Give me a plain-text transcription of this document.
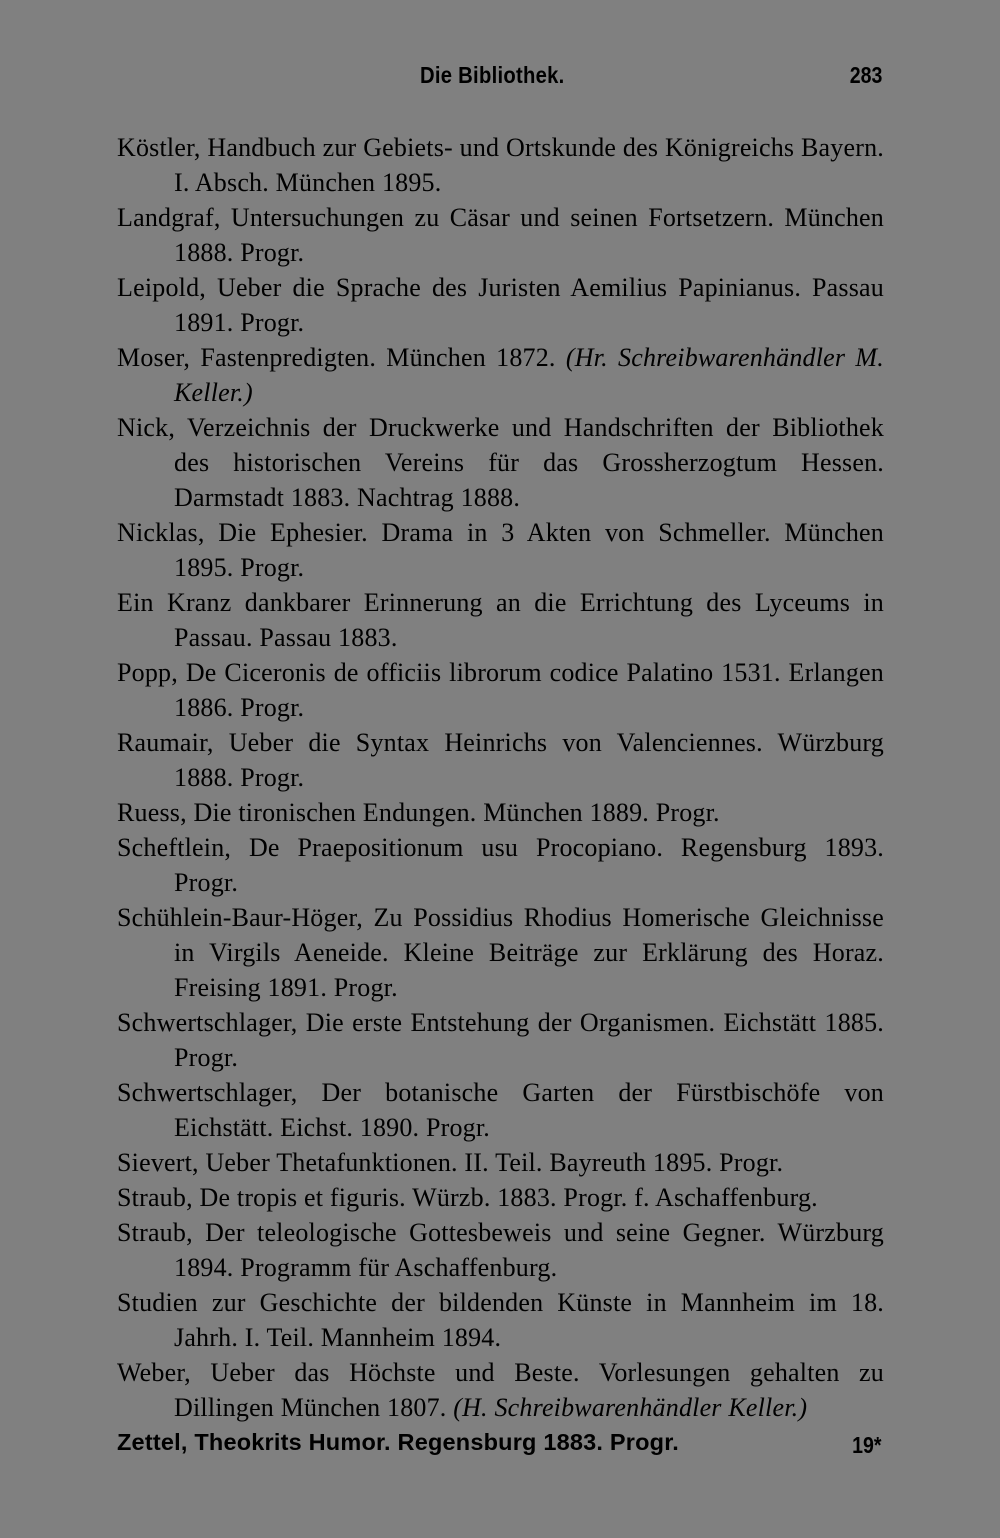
Die Bibliothek.	283

Köstler, Handbuch zur Gebiets- und Ortskunde des Königreichs Bayern. I. Absch. München 1895.

Landgraf, Untersuchungen zu Cäsar und seinen Fortsetzern. München 1888. Progr.

Leipold, Ueber die Sprache des Juristen Aemilius Papinianus. Passau 1891. Progr.

Moser, Fastenpredigten. München 1872. (Hr. Schreibwarenhändler M. Keller.)

Nick, Verzeichnis der Druckwerke und Handschriften der Bibliothek des historischen Vereins für das Grossherzogtum Hessen. Darmstadt 1883. Nachtrag 1888.

Nicklas, Die Ephesier. Drama in 3 Akten von Schmeller. München 1895. Progr.

Ein Kranz dankbarer Erinnerung an die Errichtung des Lyceums in Passau. Passau 1883.

Popp, De Ciceronis de officiis librorum codice Palatino 1531. Erlangen 1886. Progr.

Raumair, Ueber die Syntax Heinrichs von Valenciennes. Würzburg 1888. Progr.

Ruess, Die tironischen Endungen. München 1889. Progr.

Scheftlein, De Praepositionum usu Procopiano. Regensburg 1893. Progr.

Schühlein-Baur-Höger, Zu Possidius Rhodius Homerische Gleichnisse in Virgils Aeneide. Kleine Beiträge zur Erklärung des Horaz. Freising 1891. Progr.

Schwertschlager, Die erste Entstehung der Organismen. Eichstätt 1885. Progr.

Schwertschlager, Der botanische Garten der Fürstbischöfe von Eichstätt. Eichst. 1890. Progr.

Sievert, Ueber Thetafunktionen. II. Teil. Bayreuth 1895. Progr.

Straub, De tropis et figuris. Würzb. 1883. Progr. f. Aschaffenburg.

Straub, Der teleologische Gottesbeweis und seine Gegner. Würzburg 1894. Programm für Aschaffenburg.

Studien zur Geschichte der bildenden Künste in Mannheim im 18. Jahrh. I. Teil. Mannheim 1894.

Weber, Ueber das Höchste und Beste. Vorlesungen gehalten zu Dillingen München 1807. (H. Schreibwarenhändler Keller.)

Zettel, Theokrits Humor. Regensburg 1883. Progr.	19*
